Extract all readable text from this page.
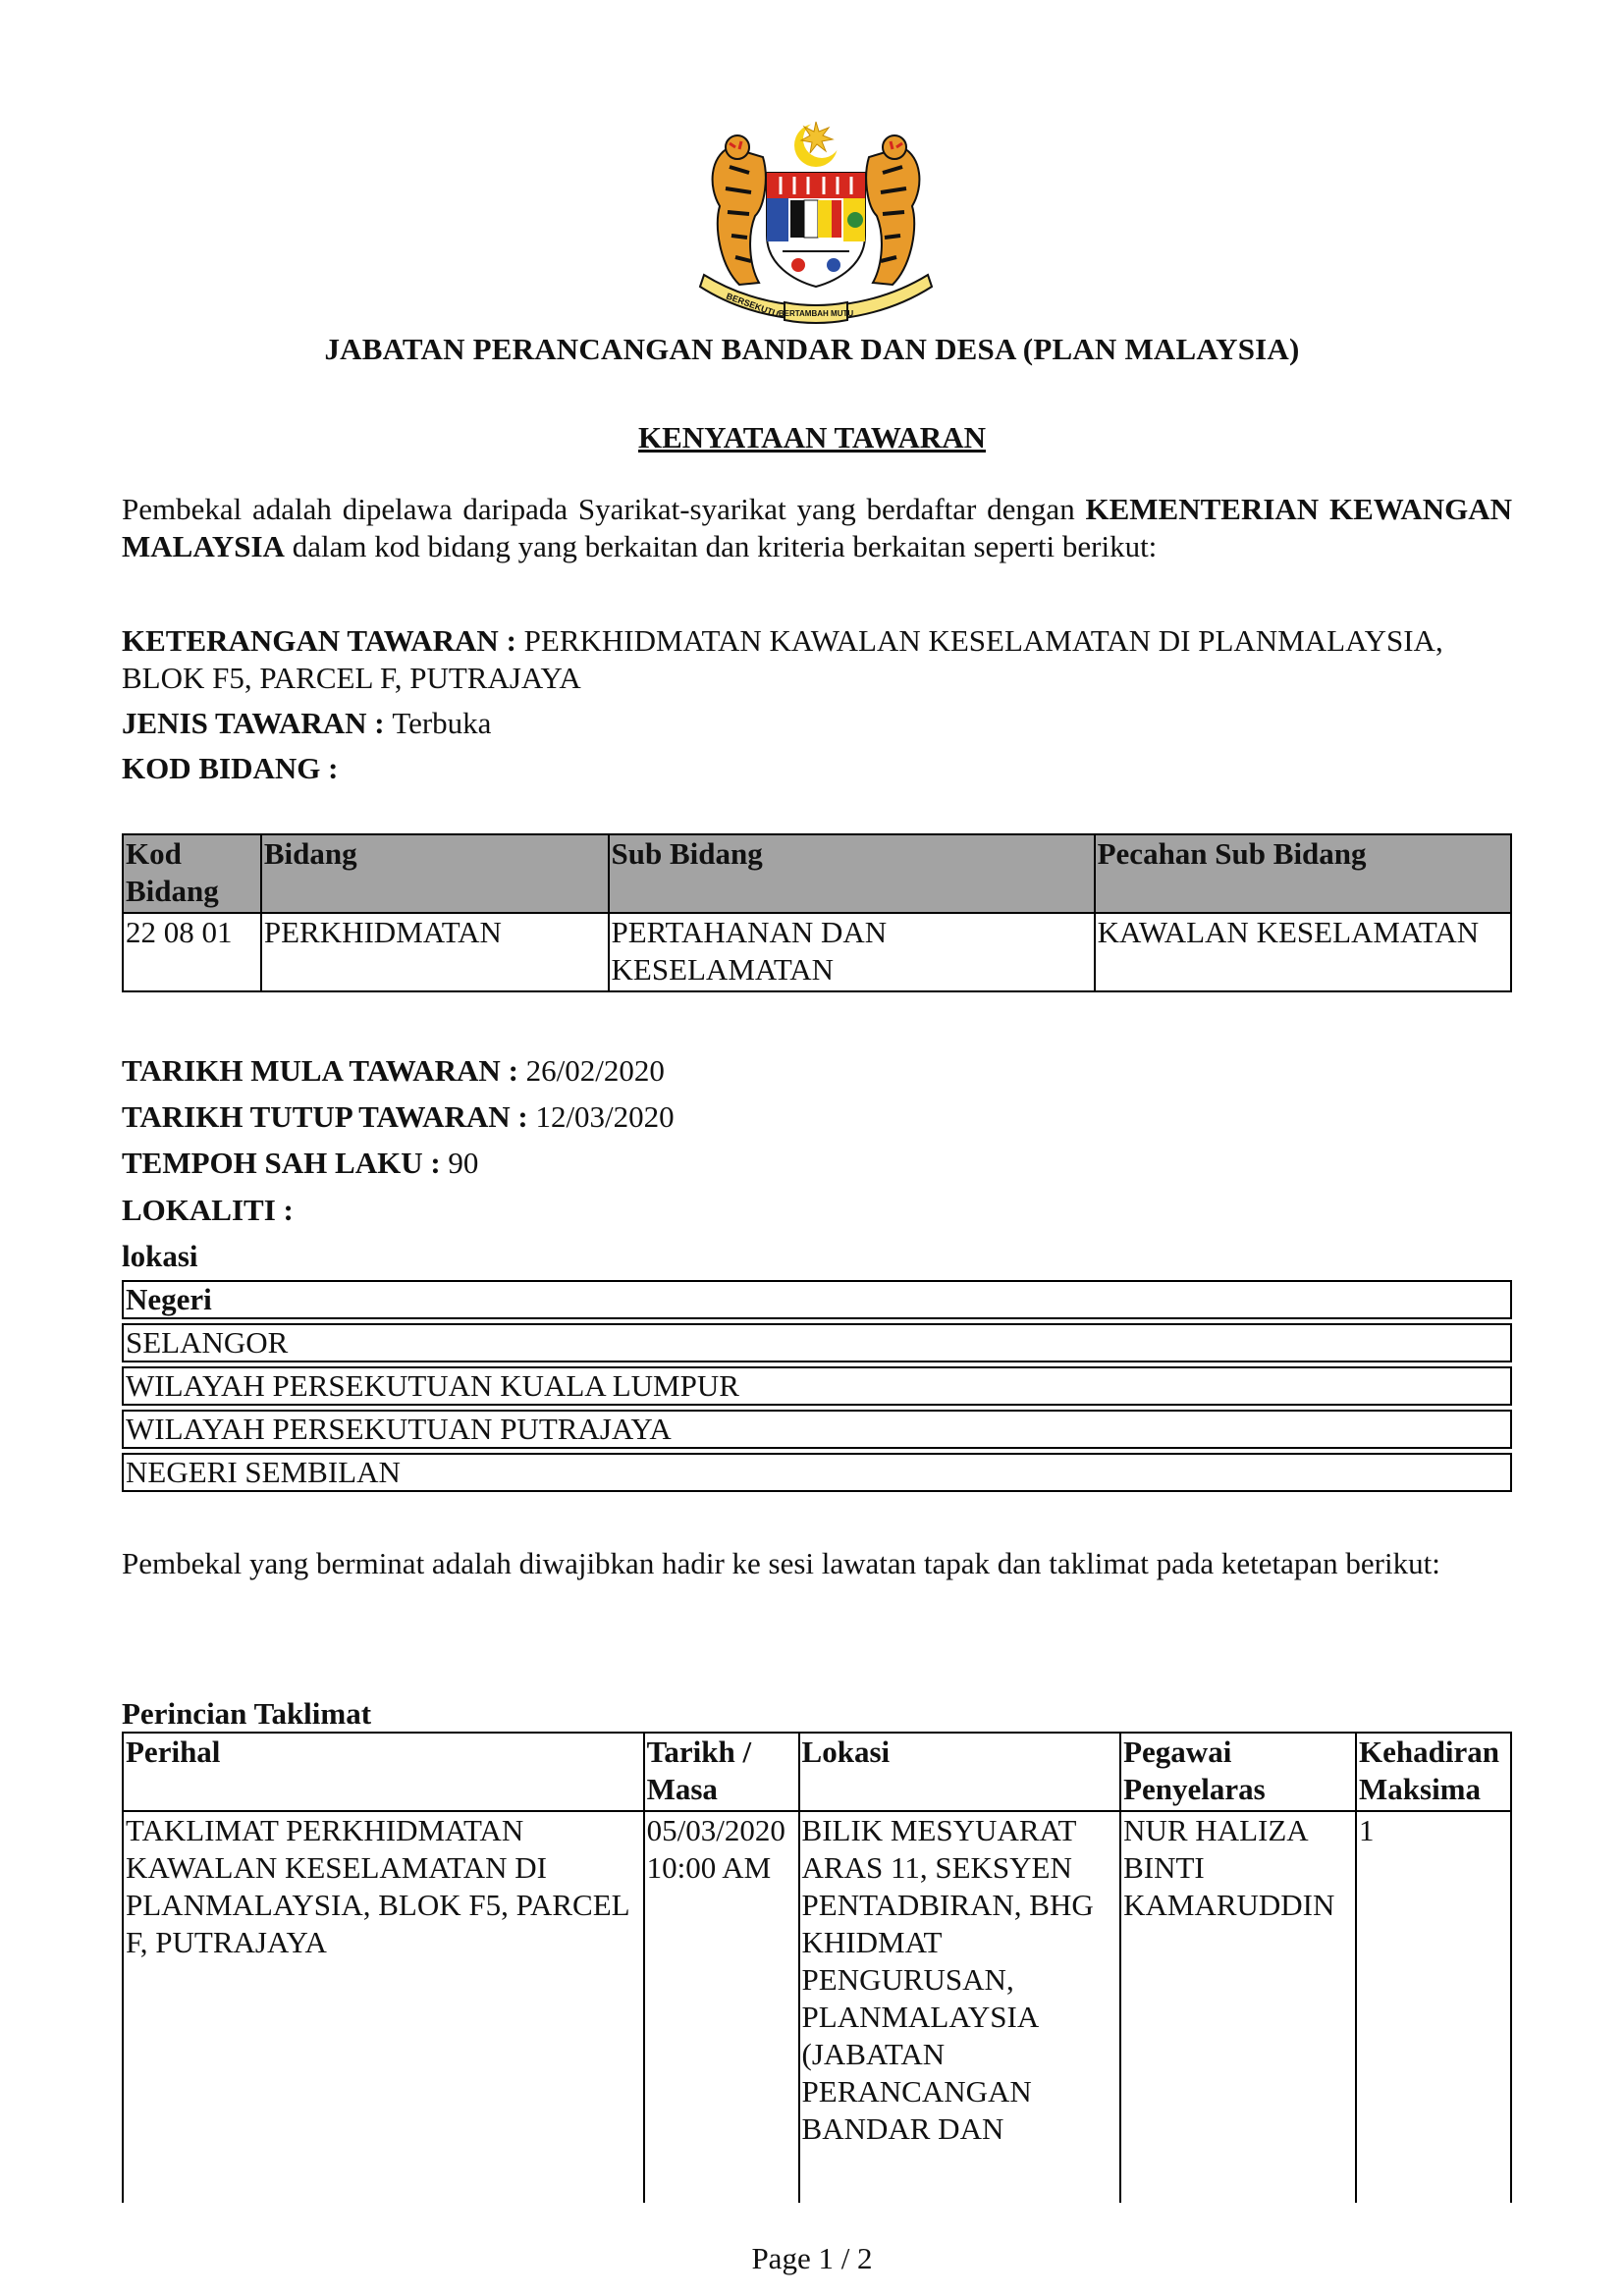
BERSEKUTU
BERTAMBAH MUTU
JABATAN PERANCANGAN BANDAR DAN DESA (PLAN MALAYSIA)
KENYATAAN TAWARAN
Pembekal adalah dipelawa daripada Syarikat-syarikat yang berdaftar dengan KEMENTERIAN KEWANGAN MALAYSIA dalam kod bidang yang berkaitan dan kriteria berkaitan seperti berikut:
KETERANGAN TAWARAN : PERKHIDMATAN KAWALAN KESELAMATAN DI PLANMALAYSIA, BLOK F5, PARCEL F, PUTRAJAYA
JENIS TAWARAN : Terbuka
KOD BIDANG :
Kod Bidang	Bidang	Sub Bidang	Pecahan Sub Bidang
22 08 01	PERKHIDMATAN	PERTAHANAN DAN KESELAMATAN	KAWALAN KESELAMATAN
TARIKH MULA TAWARAN : 26/02/2020
TARIKH TUTUP TAWARAN : 12/03/2020
TEMPOH SAH LAKU : 90
LOKALITI :
lokasi
Negeri
SELANGOR
WILAYAH PERSEKUTUAN KUALA LUMPUR
WILAYAH PERSEKUTUAN PUTRAJAYA
NEGERI SEMBILAN
Pembekal yang berminat adalah diwajibkan hadir ke sesi lawatan tapak dan taklimat pada ketetapan berikut:
Perincian Taklimat
Perihal	Tarikh / Masa	Lokasi	Pegawai Penyelaras	Kehadiran Maksima
TAKLIMAT PERKHIDMATAN KAWALAN KESELAMATAN DI PLANMALAYSIA, BLOK F5, PARCEL F, PUTRAJAYA	05/03/2020 10:00 AM	BILIK MESYUARAT ARAS 11, SEKSYEN PENTADBIRAN, BHG KHIDMAT PENGURUSAN, PLANMALAYSIA (JABATAN PERANCANGAN BANDAR DAN	NUR HALIZA BINTI KAMARUDDIN	1
Page 1 / 2
